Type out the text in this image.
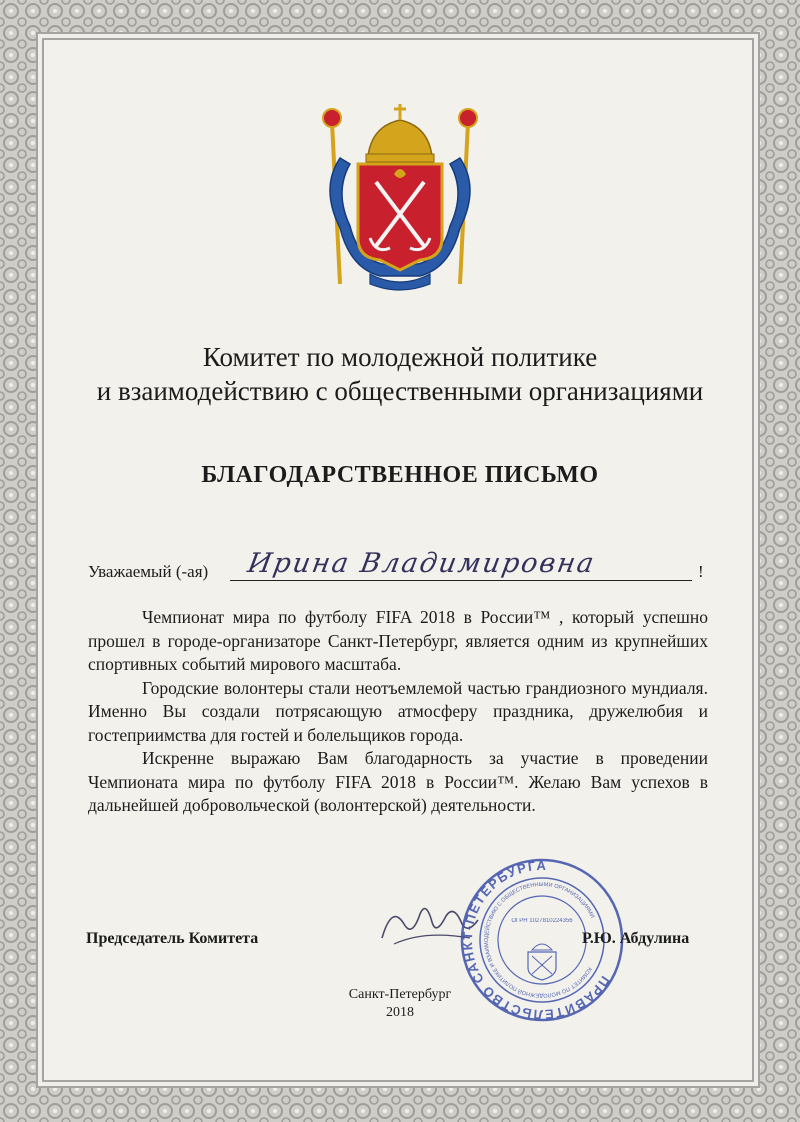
Комитет по молодежной политике
и взаимодействию с общественными организациями
БЛАГОДАРСТВЕННОЕ ПИСЬМО
Уважаемый (-ая) Ирина Владимировна	!

Чемпионат мира по футболу FIFA 2018 в России™ , который успешно прошел в городе-организаторе Санкт-Петербург, является одним из крупнейших спортивных событий мирового масштаба.

Городские волонтеры стали неотъемлемой частью грандиозного мундиаля. Именно Вы создали потрясающую атмосферу праздника, дружелюбия и гостеприимства для гостей и болельщиков города.

Искренне выражаю Вам благодарность за участие в проведении Чемпионата мира по футболу FIFA 2018 в России™. Желаю Вам успехов в дальнейшей добровольческой (волонтерской) деятельности.

Председатель Комитета
ПРАВИТЕЛЬСТВО САНКТ-ПЕТЕРБУРГА
КОМИТЕТ ПО МОЛОДЕЖНОЙ ПОЛИТИКЕ И ВЗАИМОДЕЙСТВИЮ С ОБЩЕСТВЕННЫМИ ОРГАНИЗАЦИЯМИ
ОГРН 1027810224356
Р.Ю. Абдулина
Санкт-Петербург
2018
